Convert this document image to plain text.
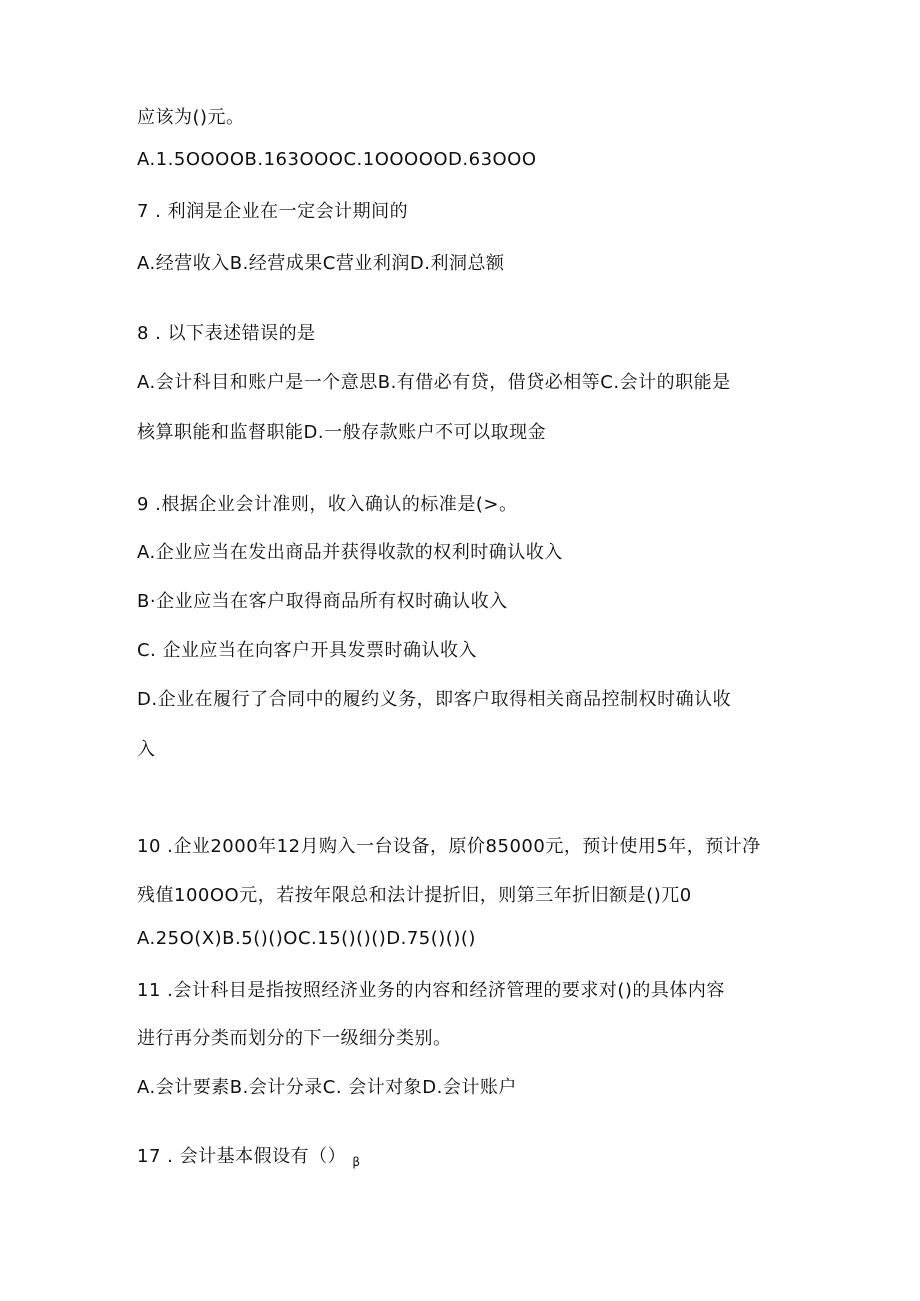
应该为()元。
A.1.5OOOOB.163OOOC.1OOOOOD.63OOO
7 . 利润是企业在一定会计期间的
A.经营收入B.经营成果C营业利润D.利洞总额
8 . 以下表述错误的是
A.会计科目和账户是一个意思B.有借必有贷，借贷必相等C.会计的职能是
核算职能和监督职能D.一般存款账户不可以取现金
9 .根据企业会计准则，收入确认的标准是(>。
A.企业应当在发出商品并获得收款的权利时确认收入
B·企业应当在客户取得商品所有权时确认收入
C. 企业应当在向客户开具发票时确认收入
D.企业在履行了合同中的履约义务，即客户取得相关商品控制权时确认收
入
10 .企业2000年12月购入一台设备，原价85000元，预计使用5年，预计净
残值100OO元，若按年限总和法计提折旧，则第三年折旧额是()兀0
A.25O(X)B.5()()OC.15()()()D.75()()()
11 .会计科目是指按照经济业务的内容和经济管理的要求对()的具体内容
进行再分类而划分的下一级细分类别。
A.会计要素B.会计分录C. 会计对象D.会计账户
17 . 会计基本假设有（） $_\beta$
